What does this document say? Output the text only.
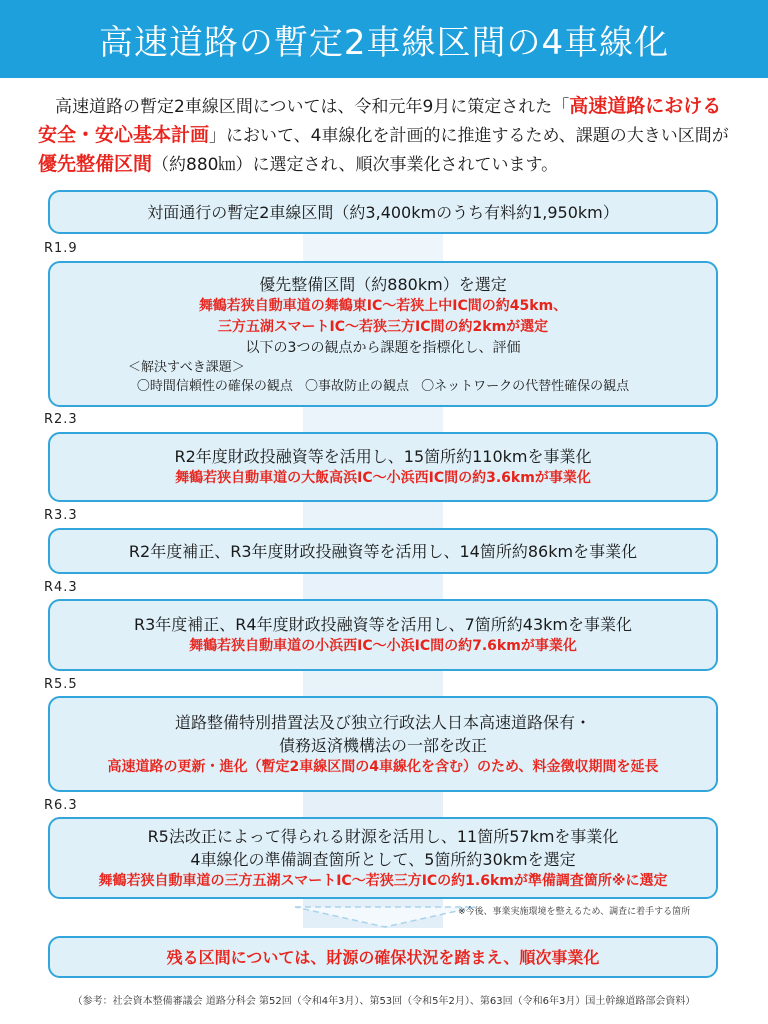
高速道路の暫定2車線区間の4車線化

　高速道路の暫定2車線区間については、令和元年9月に策定された「高速道路における安全・安心基本計画」において、4車線化を計画的に推進するため、課題の大きい区間が優先整備区間（約880㎞）に選定され、順次事業化されています。

対面通行の暫定2車線区間（約3,400kmのうち有料約1,950km）
R1.9
優先整備区間（約880km）を選定
舞鶴若狭自動車道の舞鶴東IC～若狭上中IC間の約45km、
三方五湖スマートIC～若狭三方IC間の約2kmが選定
以下の3つの観点から課題を指標化し、評価
＜解決すべき課題＞
〇時間信頼性の確保の観点 〇事故防止の観点 〇ネットワークの代替性確保の観点
R2.3
R2年度財政投融資等を活用し、15箇所約110kmを事業化
舞鶴若狭自動車道の大飯高浜IC～小浜西IC間の約3.6kmが事業化
R3.3
R2年度補正、R3年度財政投融資等を活用し、14箇所約86kmを事業化
R4.3
R3年度補正、R4年度財政投融資等を活用し、7箇所約43kmを事業化
舞鶴若狭自動車道の小浜西IC～小浜IC間の約7.6kmが事業化
R5.5
道路整備特別措置法及び独立行政法人日本高速道路保有・
債務返済機構法の一部を改正
高速道路の更新・進化（暫定2車線区間の4車線化を含む）のため、料金徴収期間を延長
R6.3
R5法改正によって得られる財源を活用し、11箇所57kmを事業化
4車線化の準備調査箇所として、5箇所約30kmを選定
舞鶴若狭自動車道の三方五湖スマートIC～若狭三方ICの約1.6kmが準備調査箇所※に選定
※今後、事業実施環境を整えるため、調査に着手する箇所
残る区間については、財源の確保状況を踏まえ、順次事業化
（参考：社会資本整備審議会 道路分科会 第52回（令和4年3月）、第53回（令和5年2月）、第63回（令和6年3月）国土幹線道路部会資料）
